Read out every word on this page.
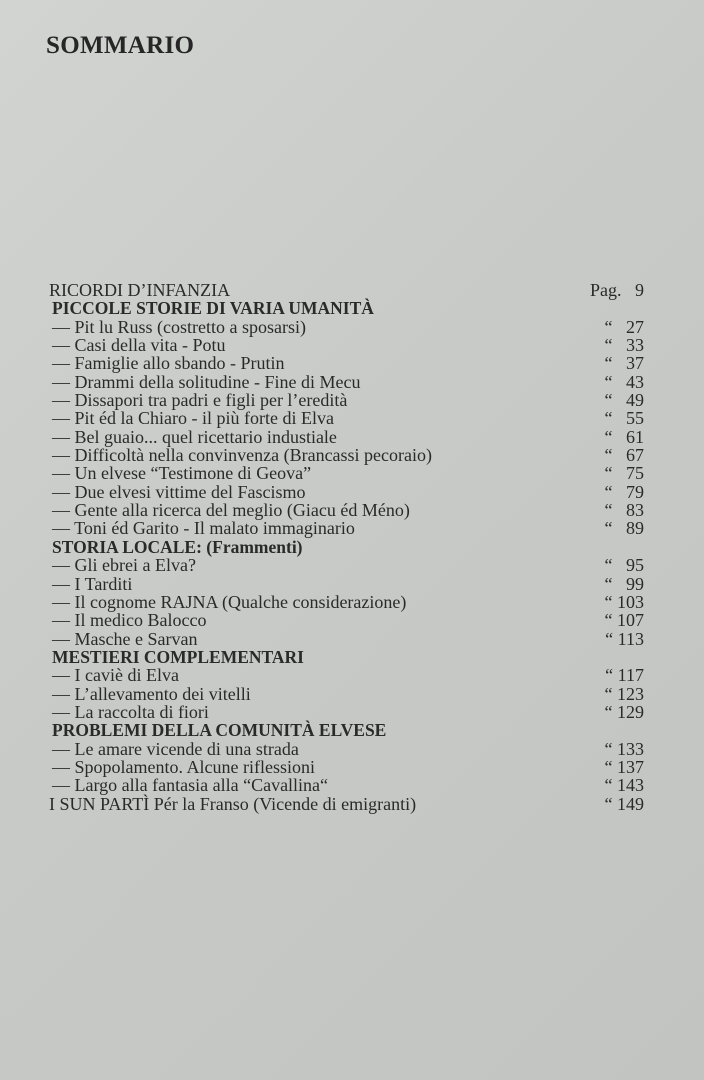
SOMMARIO
RICORDI D’INFANZIA	Pag.   9
PICCOLE STORIE DI VARIA UMANITÀ
— Pit lu Russ (costretto a sposarsi)	“   27
— Casi della vita - Potu	“   33
— Famiglie allo sbando - Prutin	“   37
— Drammi della solitudine - Fine di Mecu	“   43
— Dissapori tra padri e figli per l’eredità	“   49
— Pit éd la Chiaro - il più forte di Elva	“   55
— Bel guaio... quel ricettario industiale	“   61
— Difficoltà nella convinvenza (Brancassi pecoraio)	“   67
— Un elvese “Testimone di Geova”	“   75
— Due elvesi vittime del Fascismo	“   79
— Gente alla ricerca del meglio (Giacu éd Méno)	“   83
— Toni éd Garito - Il malato immaginario	“   89
STORIA LOCALE: (Frammenti)
— Gli ebrei a Elva?	“   95
— I Tarditi	“   99
— Il cognome RAJNA (Qualche considerazione)	“ 103
— Il medico Balocco	“ 107
— Masche e Sarvan	“ 113
MESTIERI COMPLEMENTARI
— I caviè di Elva	“ 117
— L’allevamento dei vitelli	“ 123
— La raccolta di fiori	“ 129
PROBLEMI DELLA COMUNITÀ ELVESE
— Le amare vicende di una strada	“ 133
— Spopolamento. Alcune riflessioni	“ 137
— Largo alla fantasia alla “Cavallina“	“ 143
I SUN PARTÌ Pér la Franso (Vicende di emigranti)	“ 149
